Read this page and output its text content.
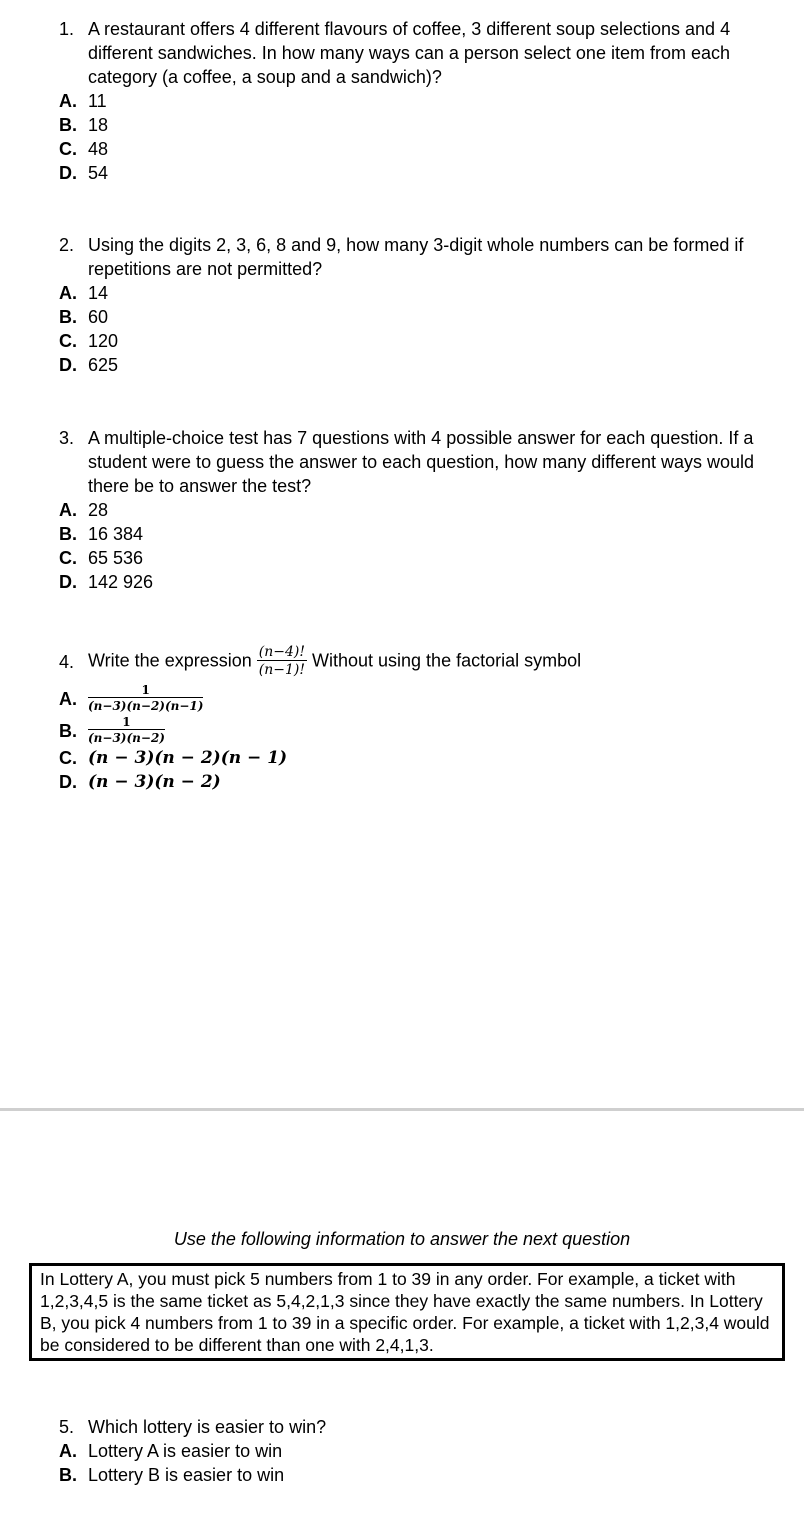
1. A restaurant offers 4 different flavours of coffee, 3 different soup selections and 4 different sandwiches. In how many ways can a person select one item from each category (a coffee, a soup and a sandwich)?
A. 11
B. 18
C. 48
D. 54
2. Using the digits 2, 3, 6, 8 and 9, how many 3-digit whole numbers can be formed if repetitions are not permitted?
A. 14
B. 60
C. 120
D. 625
3. A multiple-choice test has 7 questions with 4 possible answer for each question. If a student were to guess the answer to each question, how many different ways would there be to answer the test?
A. 28
B. 16 384
C. 65 536
D. 142 926
4. Write the expression $\frac{(n-4)!}{(n-1)!}$ Without using the factorial symbol
A. $\frac{1}{(n-3)(n-2)(n-1)}$
B. $\frac{1}{(n-3)(n-2)}$
C. (n − 3)(n − 2)(n − 1)
D. (n − 3)(n − 2)
Use the following information to answer the next question
In Lottery A, you must pick 5 numbers from 1 to 39 in any order. For example, a ticket with 1,2,3,4,5 is the same ticket as 5,4,2,1,3 since they have exactly the same numbers. In Lottery B, you pick 4 numbers from 1 to 39 in a specific order. For example, a ticket with 1,2,3,4 would be considered to be different than one with 2,4,1,3.
5. Which lottery is easier to win?
A. Lottery A is easier to win
B. Lottery B is easier to win
